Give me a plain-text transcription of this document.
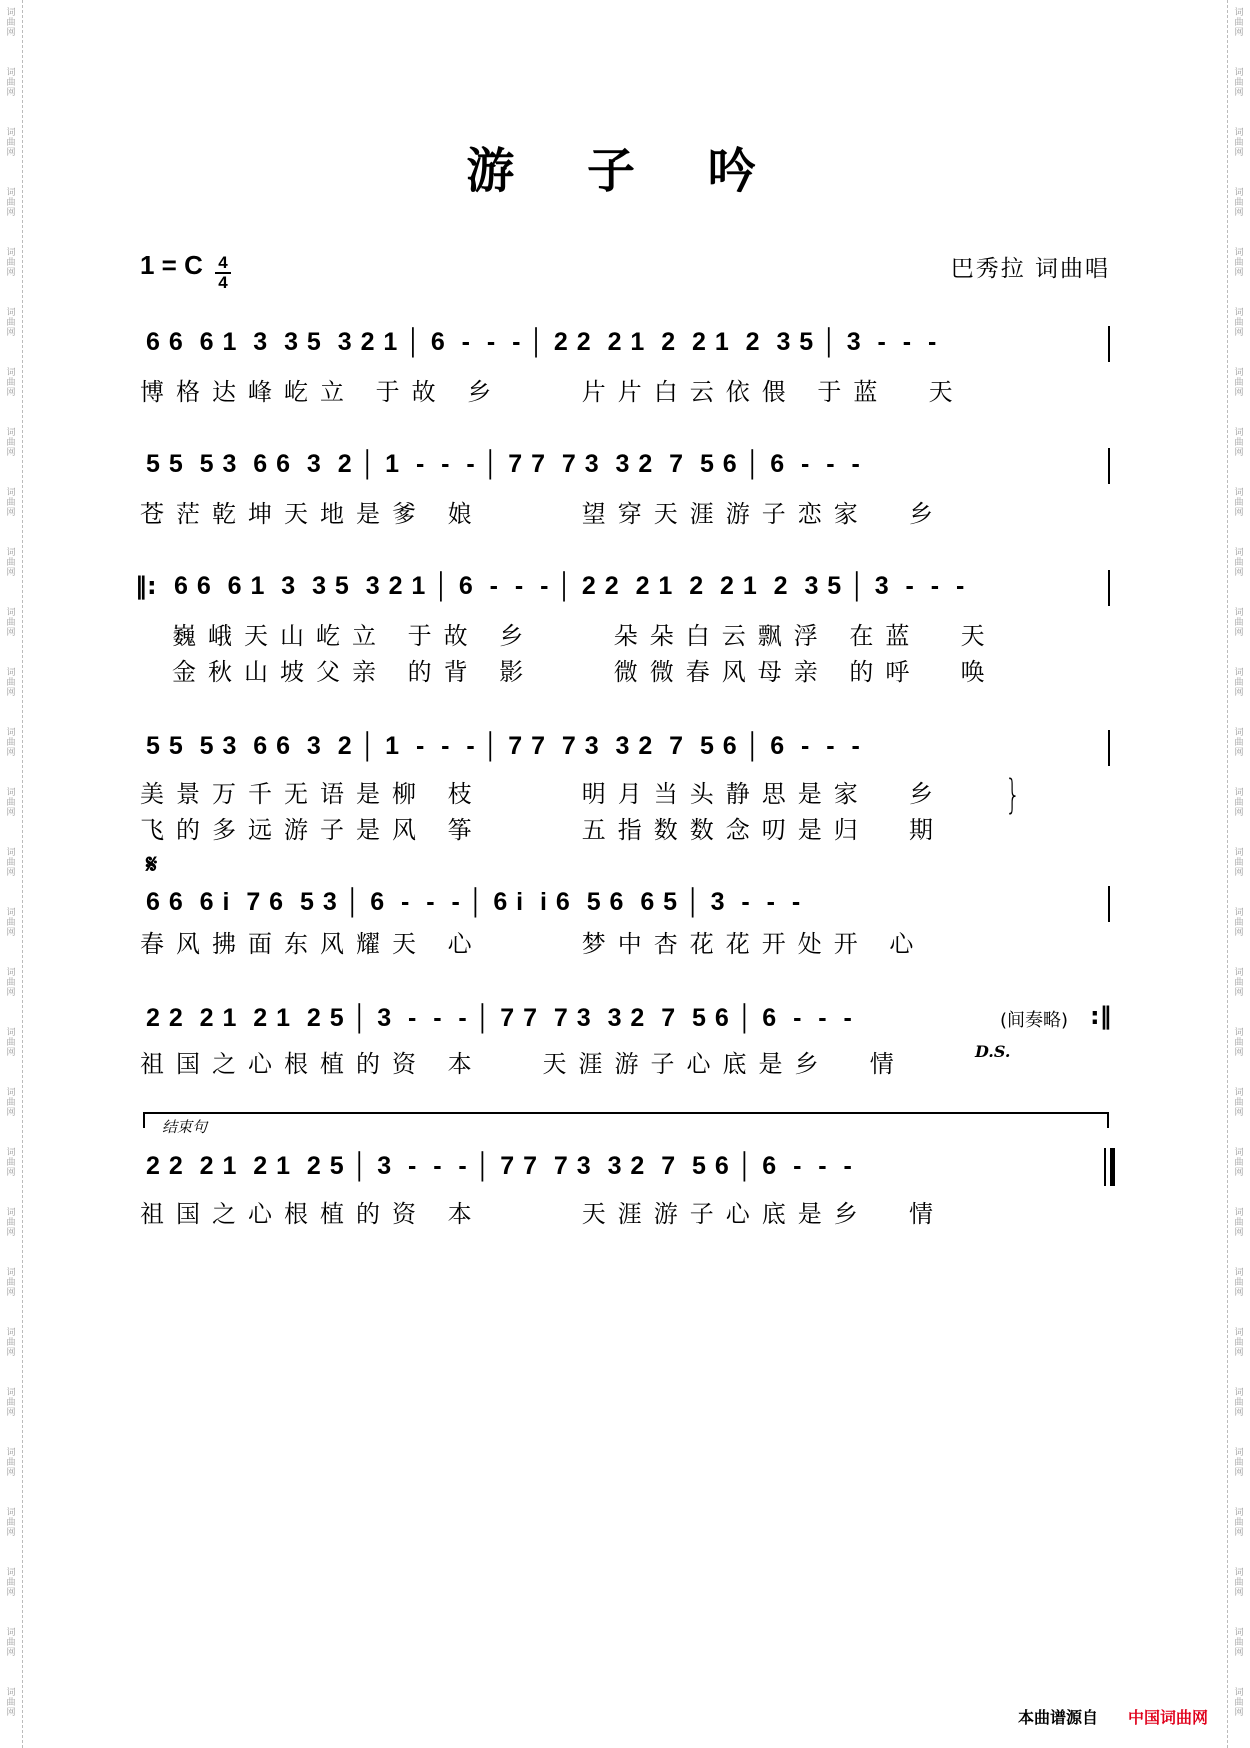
词
曲
网
词
曲
网
词
曲
网
词
曲
网
词
曲
网
词
曲
网
词
曲
网
词
曲
网
词
曲
网
词
曲
网
词
曲
网
词
曲
网
词
曲
网
词
曲
网
词
曲
网
词
曲
网
词
曲
网
词
曲
网
词
曲
网
词
曲
网
词
曲
网
词
曲
网
词
曲
网
词
曲
网
词
曲
网
词
曲
网
词
曲
网
词
曲
网
词
曲
网
词
曲
网
词
曲
网
词
曲
网
词
曲
网
词
曲
网
词
曲
网
词
曲
网
词
曲
网
词
曲
网
词
曲
网
词
曲
网
词
曲
网
词
曲
网
词
曲
网
词
曲
网
词
曲
网
词
曲
网
词
曲
网
词
曲
网
词
曲
网
词
曲
网
词
曲
网
词
曲
网
词
曲
网
词
曲
网
词
曲
网
词
曲
网
词
曲
网
词
曲
网
游 子 吟
1 = C 4
4
巴秀拉 词曲唱
6 6  6 1  3  3 5  3 2 1 │ 6  -  -  - │ 2 2  2 1  2  2 1  2  3 5 │ 3  -  -  -
博格达峰屹立 于故 乡    片片白云依偎 于蓝  天
5 5  5 3  6 6  3  2 │ 1  -  -  - │ 7 7  7 3  3 2  7  5 6 │ 6  -  -  -
苍茫乾坤天地是爹 娘     望穿天涯游子恋家  乡
‖: 6 6  6 1  3  3 5  3 2 1 │ 6  -  -  - │ 2 2  2 1  2  2 1  2  3 5 │ 3  -  -  -
巍峨天山屹立 于故 乡    朵朵白云飘浮 在蓝  天
金秋山坡父亲 的背 影    微微春风母亲 的呼  唤
5 5  5 3  6 6  3  2 │ 1  -  -  - │ 7 7  7 3  3 2  7  5 6 │ 6  -  -  -
美景万千无语是柳 枝     明月当头静思是家  乡
飞的多远游子是风 筝     五指数数念叨是归  期
}
𝄋
6 6  6 i  7 6  5 3 │ 6  -  -  - │ 6 i  i 6  5 6  6 5 │ 3  -  -  -
春风拂面东风耀天 心     梦中杏花花开处开 心
2 2  2 1  2 1  2 5 │ 3  -  -  - │ 7 7  7 3  3 2  7  5 6 │ 6  -  -  -
祖国之心根植的资 本   天涯游子心底是乡  情
(间奏略) :‖
D.S.
结束句
2 2  2 1  2 1  2 5 │ 3  -  -  - │ 7 7  7 3  3 2  7  5 6 │ 6  -  -  -
祖国之心根植的资 本     天涯游子心底是乡  情
本曲谱源自 中国词曲网
